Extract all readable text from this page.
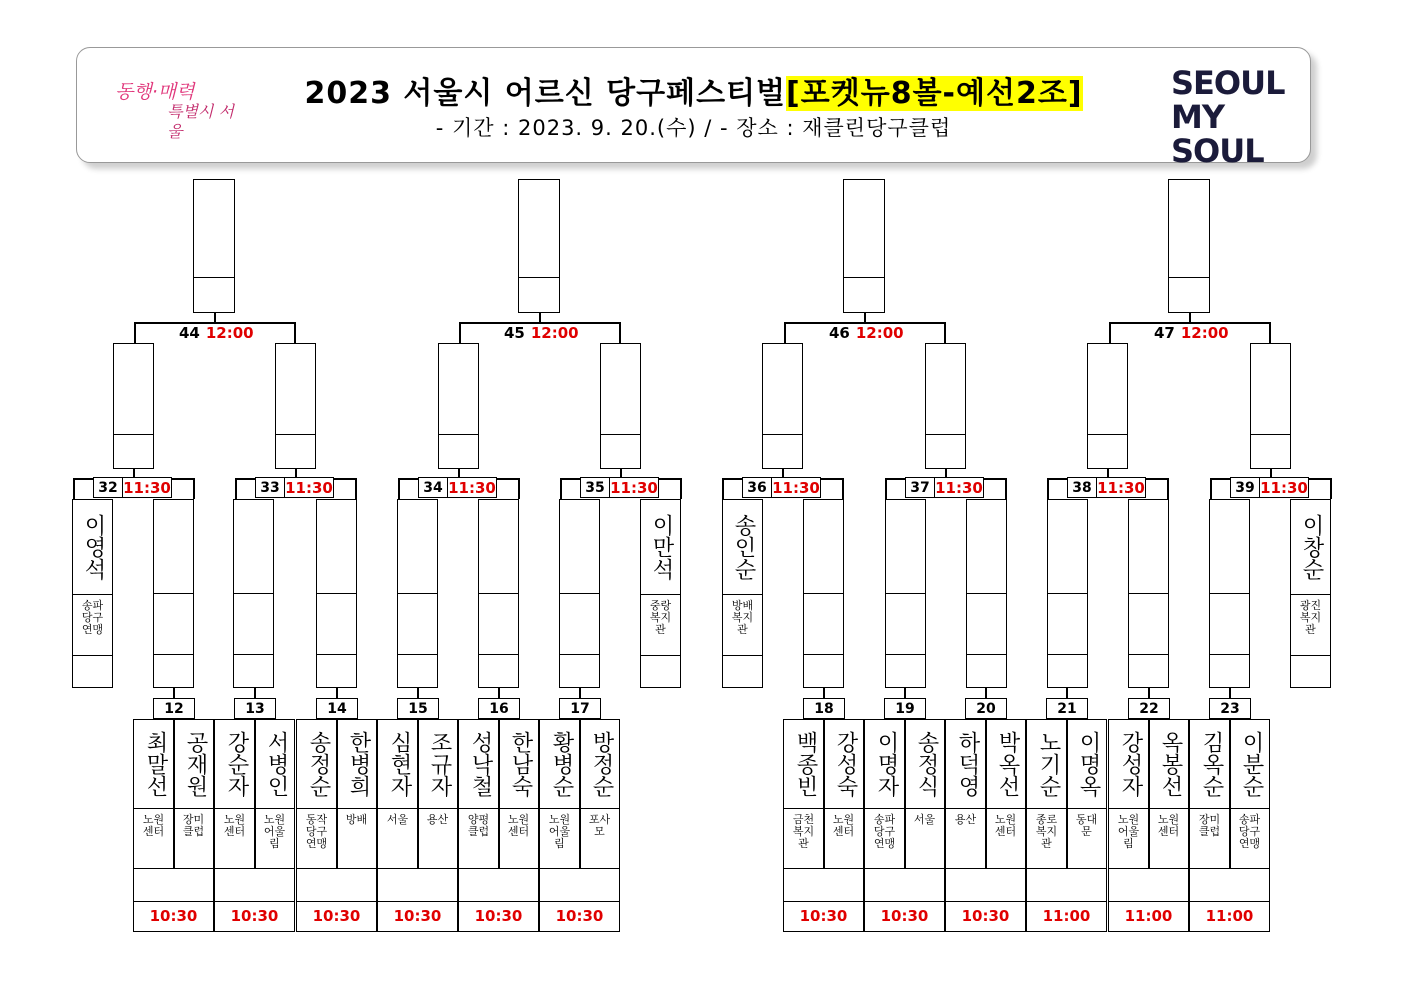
동행·매력
특별시 서울
2023 서울시 어르신 당구페스티벌[포켓뉴8볼-예선2조]
- 기간 : 2023. 9. 20.(수) / - 장소 : 재클린당구클럽
SEOUL
MY SOUL
44 12:00	45 12:00	46 12:00	47 12:00
32 11:30	33 11:30	34 11:30	35 11:30	36 11:30	37 11:30	38 11:30	39 11:30
이영석
송파당구연맹
이만석
중랑복지관
송인순
방배복지관
이창순
광진복지관
12
최말선 공재원
노원센터
장미클럽
10:30
13
강순자 서병인
노원센터
노원어울림
10:30
14
송정순 한병희
동작당구연맹
방배
10:30
15
심현자 조규자
서울	용산
10:30
16
성낙철 한남숙
양평클럽
노원센터
10:30
17
황병순 방정순
노원어울림
포사모
10:30
18
백종빈 강성숙
금천복지관
노원센터
10:30
19
이명자 송정식
송파당구연맹
서울
10:30
20
하덕영 박옥선
용산	노원센터
10:30
21
노기순 이명옥
종로복지관
동대문
11:00
22
강성자 옥봉선
노원어울림
노원센터
11:00
23
김옥순 이분순
장미클럽
송파당구연맹
11:00
